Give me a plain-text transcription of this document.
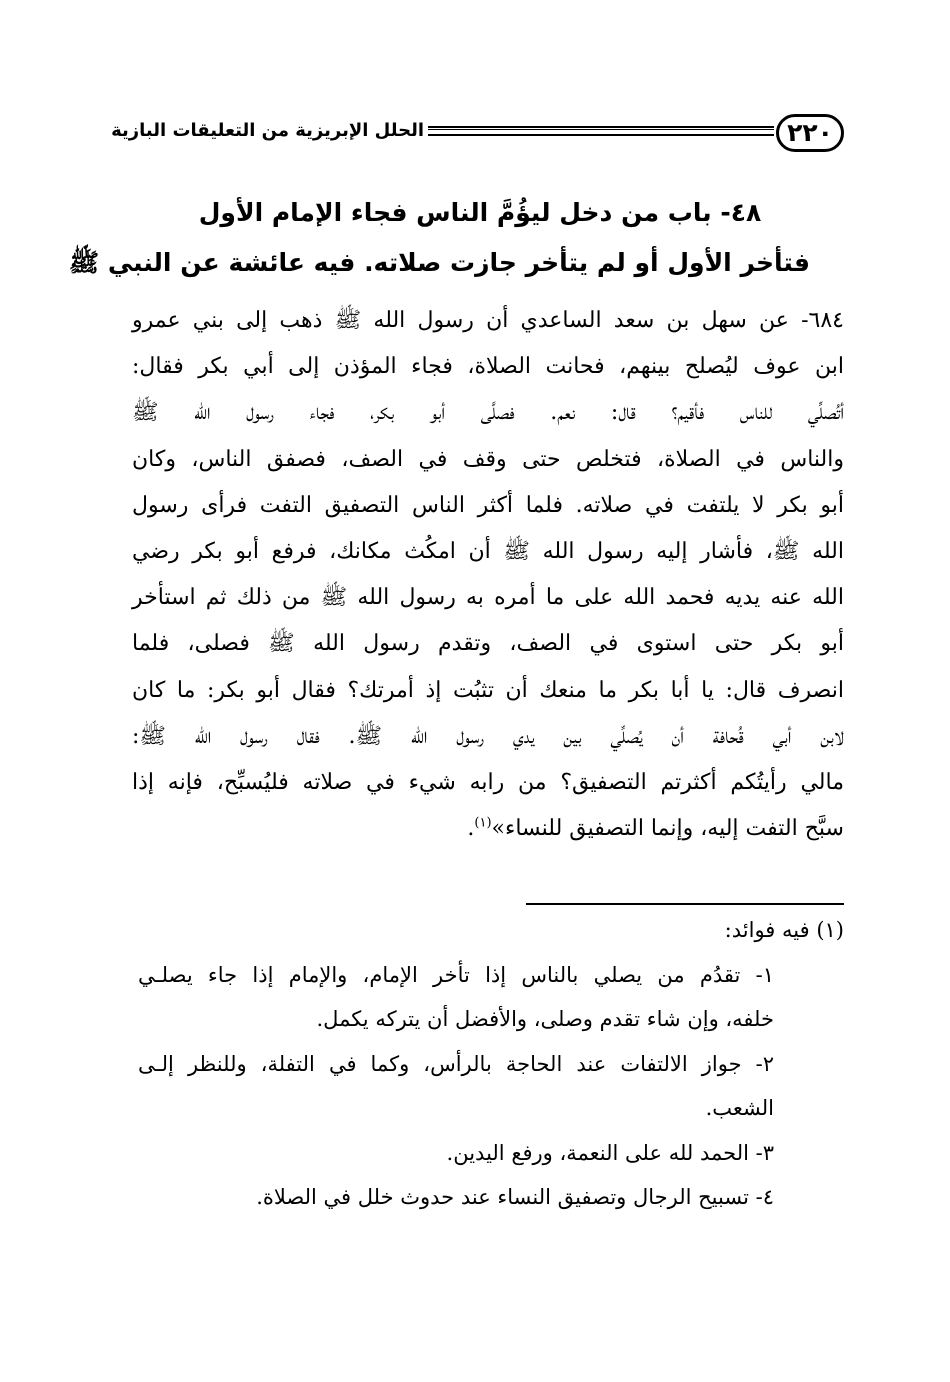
٢٢٠
الحلل الإبريزية من التعليقات البازية
٤٨- باب من دخل ليؤُمَّ الناس فجاء الإمام الأول
فتأخر الأول أو لم يتأخر جازت صلاته. فيه عائشة عن النبي ﷺ
٦٨٤- عن سهل بن سعد الساعدي أن رسول الله ﷺ ذهب إلى بني عمرو
ابن عوف ليُصلح بينهم، فحانت الصلاة، فجاء المؤذن إلى أبي بكر فقال:
أتُصلِّي للناس فأقيم؟ قال: نعم. فصلَّى أبو بكر، فجاء رسول الله ﷺ
والناس في الصلاة، فتخلص حتى وقف في الصف، فصفق الناس، وكان
أبو بكر لا يلتفت في صلاته. فلما أكثر الناس التصفيق التفت فرأى رسول
الله ﷺ، فأشار إليه رسول الله ﷺ أن امكُث مكانك، فرفع أبو بكر رضي
الله عنه يديه فحمد الله على ما أمره به رسول الله ﷺ من ذلك ثم استأخر
أبو بكر حتى استوى في الصف، وتقدم رسول الله ﷺ فصلى، فلما
انصرف قال: يا أبا بكر ما منعك أن تثبُت إذ أمرتك؟ فقال أبو بكر: ما كان
لابن أبي قُحافة أن يُصلِّي بين يدي رسول الله ﷺ. فقال رسول الله ﷺ:
مالي رأيتُكم أكثرتم التصفيق؟ من رابه شيء في صلاته فليُسبِّح، فإنه إذا
سبَّح التفت إليه، وإنما التصفيق للنساء»$^{(١)}$.
(١) فيه فوائد:
١- تقدُم من يصلي بالناس إذا تأخر الإمام، والإمام إذا جاء يصلـي
خلفه، وإن شاء تقدم وصلى، والأفضل أن يتركه يكمل.
٢- جواز الالتفات عند الحاجة بالرأس، وكما في التفلة، وللنظر إلـى
الشعب.
٣- الحمد لله على النعمة، ورفع اليدين.
٤- تسبيح الرجال وتصفيق النساء عند حدوث خلل في الصلاة.
